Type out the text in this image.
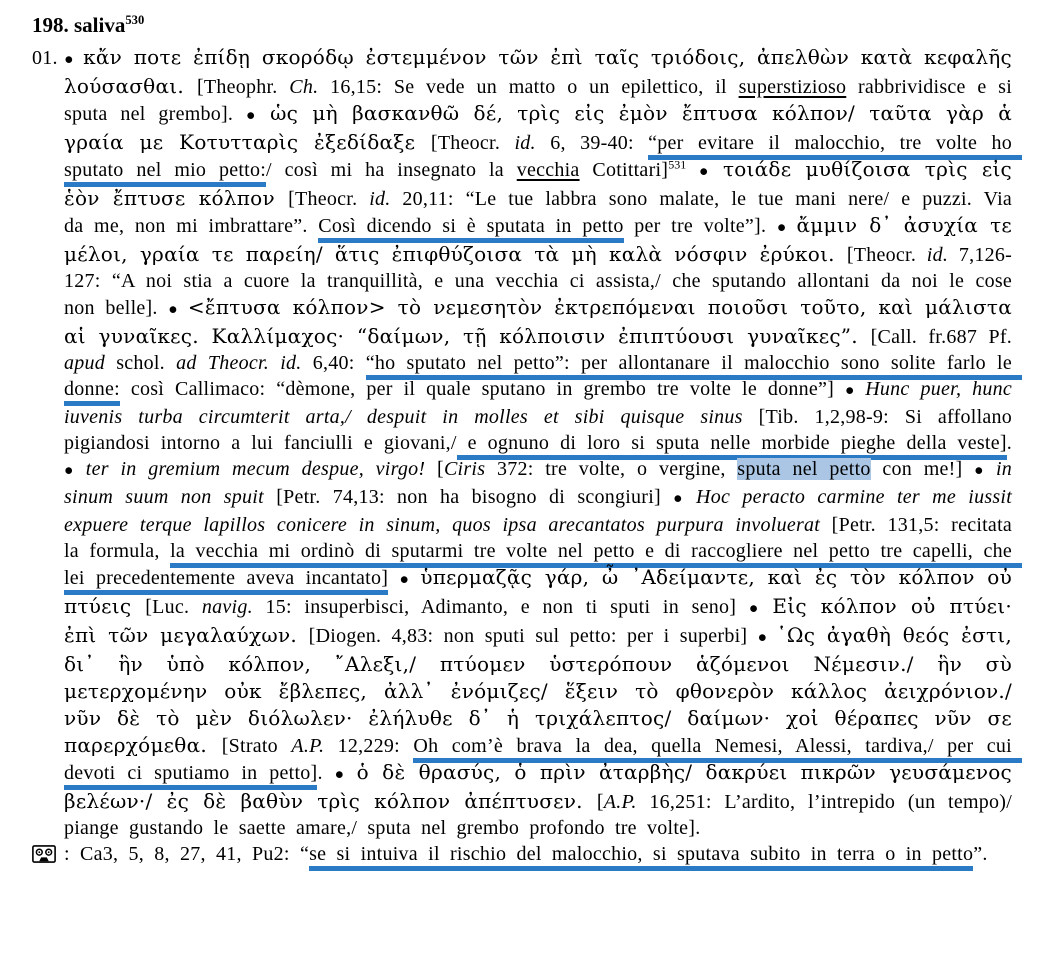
198. saliva$^{530}$
01. ● κἄν ποτε ἐπίδῃ σκορόδῳ ἐστεμμένον τῶν ἐπὶ ταῖς τριόδοις, ἀπελθὼν κατὰ κεφαλῆς λούσασθαι. [Theophr. Ch. 16,15: Se vede un matto o un epilettico, il superstizioso rabbrividisce e si sputa nel grembo]. ● ὡς μὴ βασκανθῶ δέ, τρὶς εἰς ἐμὸν ἔπτυσα κόλπον/ ταῦτα γὰρ ἁ γραία με Κοτυτταρὶς ἐξεδίδαξε [Theocr. id. 6, 39-40: “per evitare il malocchio, tre volte ho sputato nel mio petto:/ così mi ha insegnato la vecchia Cotittari]$^{531}$ ● τοιάδε μυθίζοισα τρὶς εἰς ἑὸν ἔπτυσε κόλπον [Theocr. id. 20,11: “Le tue labbra sono malate, le tue mani nere/ e puzzi. Via da me, non mi imbrattare”. Così dicendo si è sputata in petto per tre volte”]. ● ἄμμιν δ᾽ ἀσυχία τε μέλοι, γραία τε παρείη/ ἅτις ἐπιφθύζοισα τὰ μὴ καλὰ νόσφιν ἐρύκοι. [Theocr. id. 7,126-127: “A noi stia a cuore la tranquillità, e una vecchia ci assista,/ che sputando allontani da noi le cose non belle]. ● <ἔπτυσα κόλπον> τὸ νεμεσητὸν ἐκτρεπόμεναι ποιοῦσι τοῦτο, καὶ μάλιστα αἱ γυναῖκες. Καλλίμαχος· “δαίμων, τῇ κόλποισιν ἐπιπτύουσι γυναῖκες”. [Call. fr.687 Pf. apud schol. ad Theocr. id. 6,40: “ho sputato nel petto”: per allontanare il malocchio sono solite farlo le donne: così Callimaco: “dèmone, per il quale sputano in grembo tre volte le donne”] ● Hunc puer, hunc iuvenis turba circumterit arta,/ despuit in molles et sibi quisque sinus [Tib. 1,2,98-9: Si affollano pigiandosi intorno a lui fanciulli e giovani,/ e ognuno di loro si sputa nelle morbide pieghe della veste]. ● ter in gremium mecum despue, virgo! [Ciris 372: tre volte, o vergine, sputa nel petto con me!] ● in sinum suum non spuit [Petr. 74,13: non ha bisogno di scongiuri] ● Hoc peracto carmine ter me iussit expuere terque lapillos conicere in sinum, quos ipsa arecantatos purpura involuerat [Petr. 131,5: recitata la formula, la vecchia mi ordinò di sputarmi tre volte nel petto e di raccogliere nel petto tre capelli, che lei precedentemente aveva incantato] ● ὑπερμαζᾷς γάρ, ὦ ᾿Αδείμαντε, καὶ ἐς τὸν κόλπον οὐ πτύεις [Luc. navig. 15: insuperbisci, Adimanto, e non ti sputi in seno] ● Εἰς κόλπον οὐ πτύει· ἐπὶ τῶν μεγαλαύχων. [Diogen. 4,83: non sputi sul petto: per i superbi] ● ῾Ως ἀγαθὴ θεός ἐστι, δι᾽ ἣν ὑπὸ κόλπον, ῎Αλεξι,/ πτύομεν ὑστερόπουν ἁζόμενοι Νέμεσιν./ ἣν σὺ μετερχομένην οὐκ ἔβλεπες, ἀλλ᾽ ἐνόμιζες/ ἕξειν τὸ φθονερὸν κάλλος ἀειχρόνιον./ νῦν δὲ τὸ μὲν διόλωλεν· ἐλήλυθε δ᾽ ἡ τριχάλεπτος/ δαίμων· χοἰ θέραπες νῦν σε παρερχόμεθα. [Strato A.P. 12,229: Oh com’è brava la dea, quella Nemesi, Alessi, tardiva,/ per cui devoti ci sputiamo in petto]. ● ὁ δὲ θρασύς, ὁ πρὶν ἀταρβὴς/ δακρύει πικρῶν γευσάμενος βελέων·/ ἐς δὲ βαθὺν τρὶς κόλπον ἀπέπτυσεν. [A.P. 16,251: L’ardito, l’intrepido (un tempo)/ piange gustando le saette amare,/ sputa nel grembo profondo tre volte].
: Ca3, 5, 8, 27, 41, Pu2: “se si intuiva il rischio del malocchio, si sputava subito in terra o in petto”.
